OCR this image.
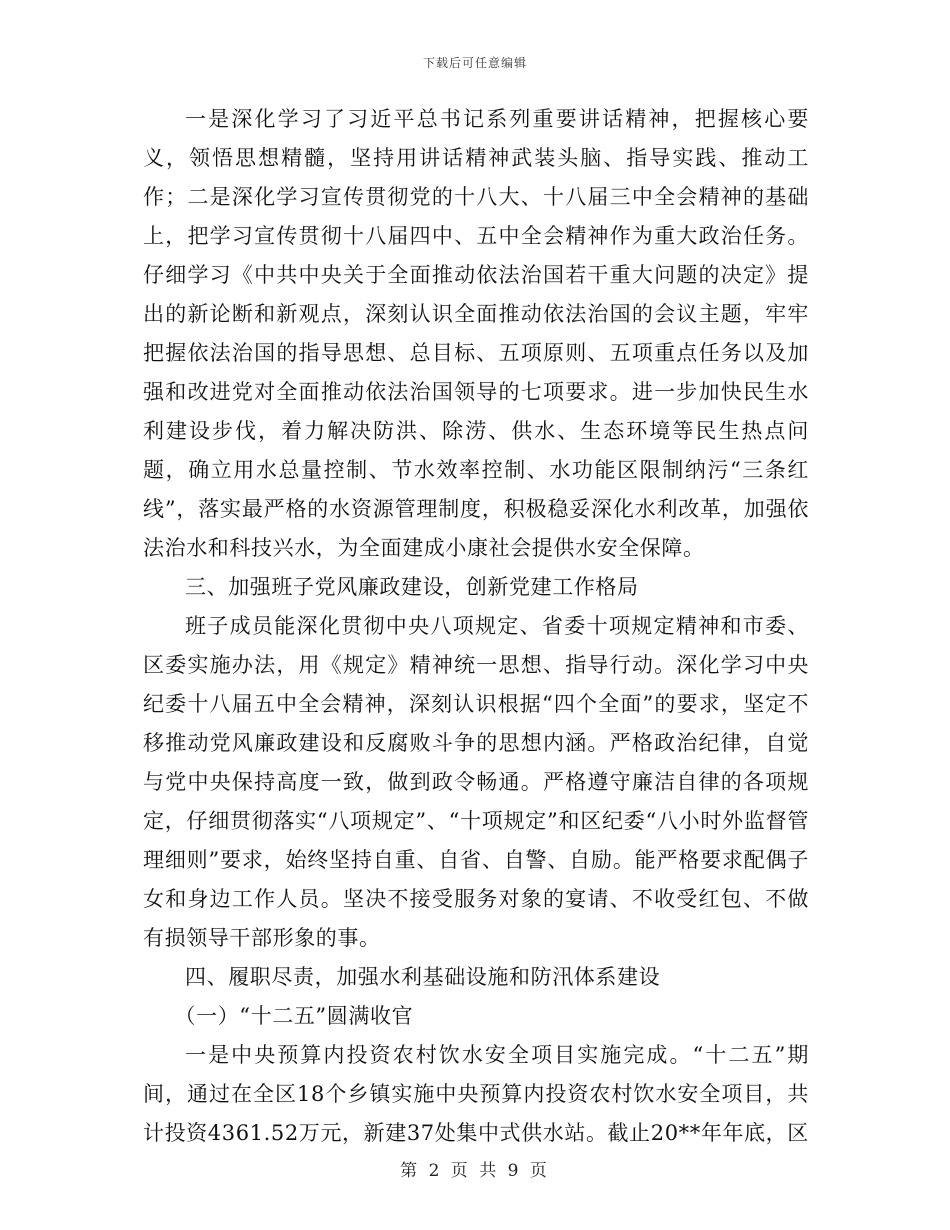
下载后可任意编辑

一是深化学习了习近平总书记系列重要讲话精神，把握核心要义，领悟思想精髓，坚持用讲话精神武装头脑、指导实践、推动工作；二是深化学习宣传贯彻党的十八大、十八届三中全会精神的基础上，把学习宣传贯彻十八届四中、五中全会精神作为重大政治任务。仔细学习《中共中央关于全面推动依法治国若干重大问题的决定》提出的新论断和新观点，深刻认识全面推动依法治国的会议主题，牢牢把握依法治国的指导思想、总目标、五项原则、五项重点任务以及加强和改进党对全面推动依法治国领导的七项要求。进一步加快民生水利建设步伐，着力解决防洪、除涝、供水、生态环境等民生热点问题，确立用水总量控制、节水效率控制、水功能区限制纳污“三条红线”，落实最严格的水资源管理制度，积极稳妥深化水利改革，加强依法治水和科技兴水，为全面建成小康社会提供水安全保障。

三、加强班子党风廉政建设，创新党建工作格局

班子成员能深化贯彻中央八项规定、省委十项规定精神和市委、区委实施办法，用《规定》精神统一思想、指导行动。深化学习中央纪委十八届五中全会精神，深刻认识根据“四个全面”的要求，坚定不移推动党风廉政建设和反腐败斗争的思想内涵。严格政治纪律，自觉与党中央保持高度一致，做到政令畅通。严格遵守廉洁自律的各项规定，仔细贯彻落实“八项规定”、“十项规定”和区纪委“八小时外监督管理细则”要求，始终坚持自重、自省、自警、自励。能严格要求配偶子女和身边工作人员。坚决不接受服务对象的宴请、不收受红包、不做有损领导干部形象的事。

四、履职尽责，加强水利基础设施和防汛体系建设

（一）“十二五”圆满收官

一是中央预算内投资农村饮水安全项目实施完成。“十二五”期间，通过在全区18个乡镇实施中央预算内投资农村饮水安全项目，共计投资4361.52万元，新建37处集中式供水站。截止20**年年底，区

第 2 页 共 9 页
